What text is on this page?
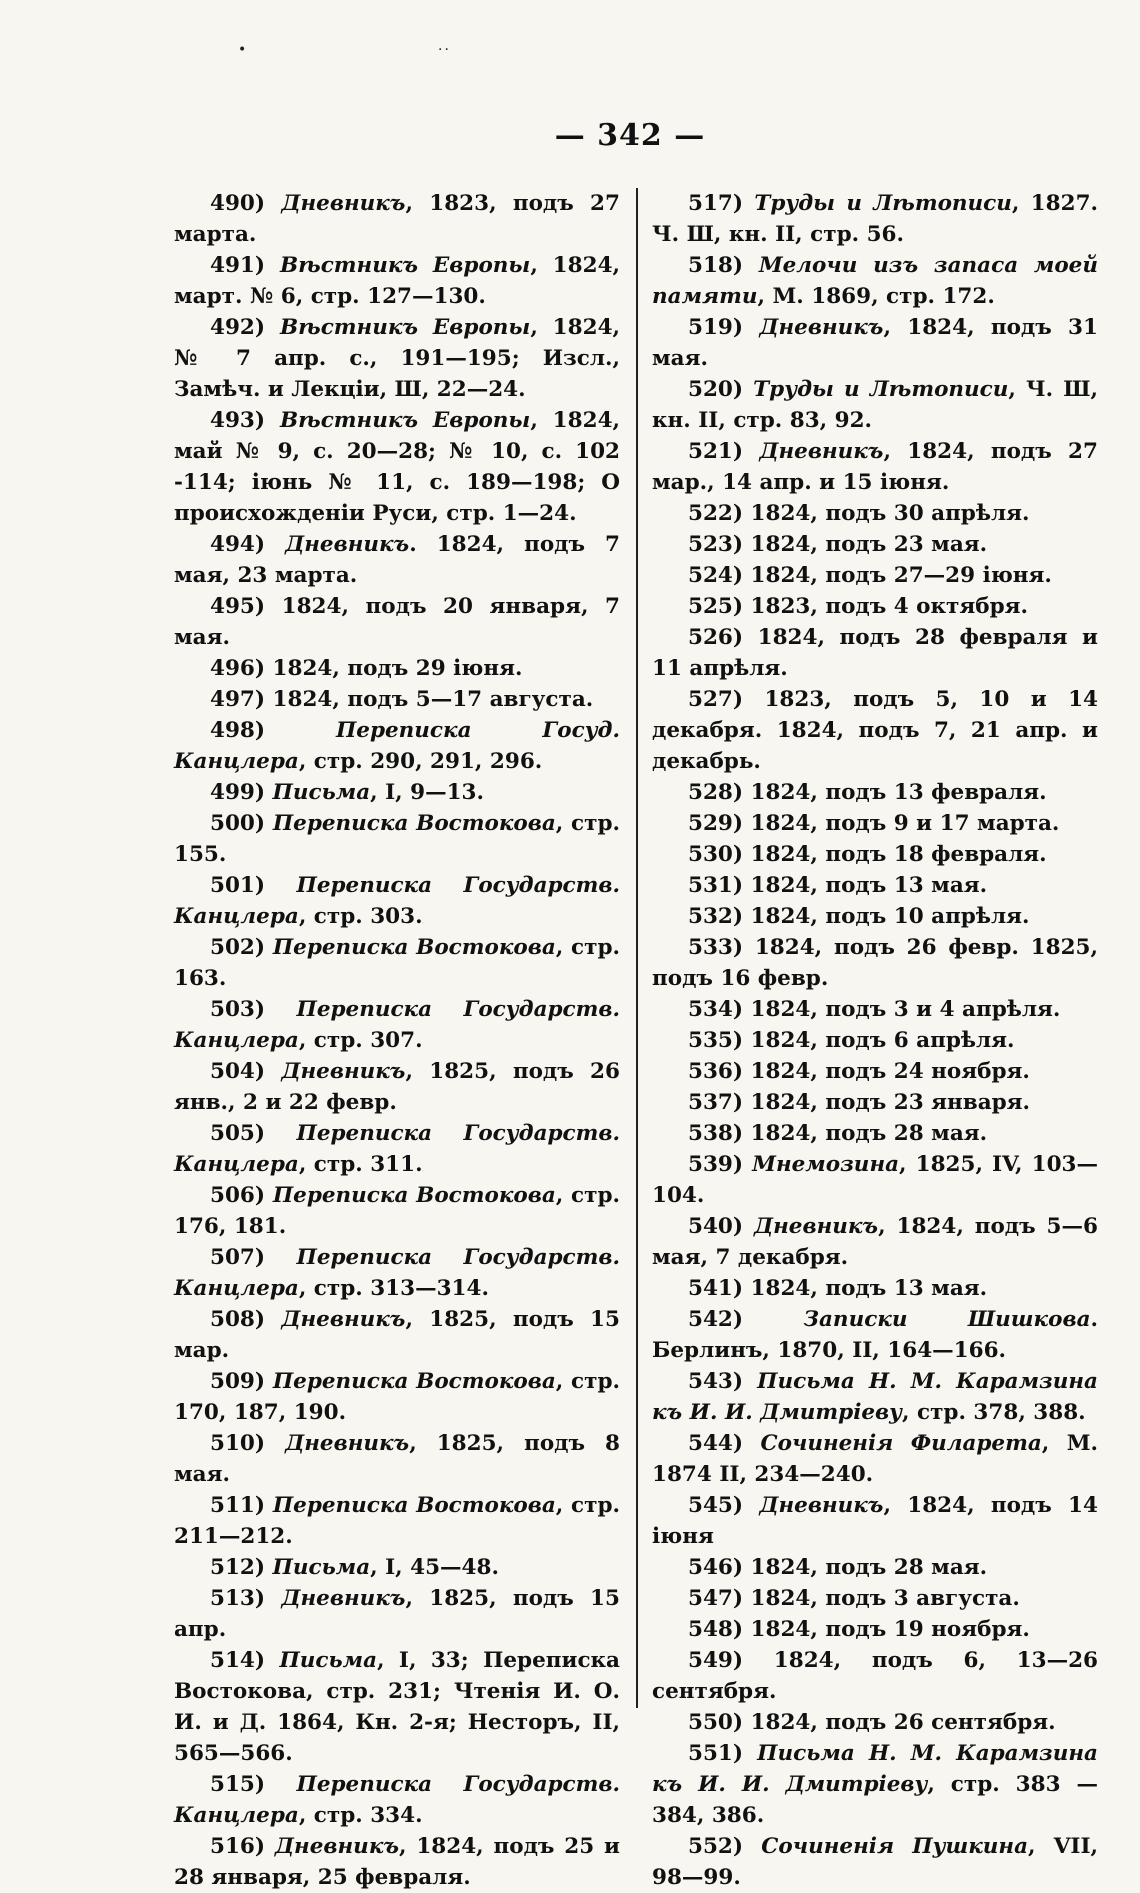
•	··
— 342 —

490) Дневникъ, 1823, подъ 27 марта.

491) Вѣстникъ Европы, 1824, март. № 6, стр. 127—130.

492) Вѣстникъ Европы, 1824, № 7 апр. с., 191—195; Изсл., Замѣч. и Лекціи, Ш, 22—24.

493) Вѣстникъ Европы, 1824, май № 9, с. 20—28; № 10, с. 102 -114; іюнь № 11, с. 189—198; О происхожденіи Руси, стр. 1—24.

494) Дневникъ. 1824, подъ 7 мая, 23 марта.

495) 1824, подъ 20 января, 7 мая.

496) 1824, подъ 29 іюня.

497) 1824, подъ 5—17 августа.

498) Переписка Госуд. Канцлера, стр. 290, 291, 296.

499) Письма, I, 9—13.

500) Переписка Востокова, стр. 155.

501) Переписка Государств. Канцлера, стр. 303.

502) Переписка Востокова, стр. 163.

503) Переписка Государств. Канцлера, стр. 307.

504) Дневникъ, 1825, подъ 26 янв., 2 и 22 февр.

505) Переписка Государств. Канцлера, стр. 311.

506) Переписка Востокова, стр. 176, 181.

507) Переписка Государств. Канцлера, стр. 313—314.

508) Дневникъ, 1825, подъ 15 мар.

509) Переписка Востокова, стр. 170, 187, 190.

510) Дневникъ, 1825, подъ 8 мая.

511) Переписка Востокова, стр. 211—212.

512) Письма, I, 45—48.

513) Дневникъ, 1825, подъ 15 апр.

514) Письма, I, 33; Переписка Востокова, стр. 231; Чтенія И. О. И. и Д. 1864, Кн. 2-я; Несторъ, II, 565—566.

515) Переписка Государств. Канцлера, стр. 334.

516) Дневникъ, 1824, подъ 25 и 28 января, 25 февраля.

517) Труды и Лѣтописи, 1827. Ч. Ш, кн. II, стр. 56.

518) Мелочи изъ запаса моей памяти, М. 1869, стр. 172.

519) Дневникъ, 1824, подъ 31 мая.

520) Труды и Лѣтописи, Ч. Ш, кн. II, стр. 83, 92.

521) Дневникъ, 1824, подъ 27 мар., 14 апр. и 15 іюня.

522) 1824, подъ 30 апрѣля.

523) 1824, подъ 23 мая.

524) 1824, подъ 27—29 іюня.

525) 1823, подъ 4 октября.

526) 1824, подъ 28 февраля и 11 апрѣля.

527) 1823, подъ 5, 10 и 14 декабря. 1824, подъ 7, 21 апр. и декабрь.

528) 1824, подъ 13 февраля.

529) 1824, подъ 9 и 17 марта.

530) 1824, подъ 18 февраля.

531) 1824, подъ 13 мая.

532) 1824, подъ 10 апрѣля.

533) 1824, подъ 26 февр. 1825, подъ 16 февр.

534) 1824, подъ 3 и 4 апрѣля.

535) 1824, подъ 6 апрѣля.

536) 1824, подъ 24 ноября.

537) 1824, подъ 23 января.

538) 1824, подъ 28 мая.

539) Мнемозина, 1825, IV, 103—104.

540) Дневникъ, 1824, подъ 5—6 мая, 7 декабря.

541) 1824, подъ 13 мая.

542) Записки Шишкова. Берлинъ, 1870, II, 164—166.

543) Письма Н. М. Карамзина къ И. И. Дмитріеву, стр. 378, 388.

544) Сочиненія Филарета, М. 1874 II, 234—240.

545) Дневникъ, 1824, подъ 14 іюня

546) 1824, подъ 28 мая.

547) 1824, подъ 3 августа.

548) 1824, подъ 19 ноября.

549) 1824, подъ 6, 13—26 сентября.

550) 1824, подъ 26 сентября.

551) Письма Н. М. Карамзина къ И. И. Дмитріеву, стр. 383 — 384, 386.

552) Сочиненія Пушкина, VII, 98—99.
